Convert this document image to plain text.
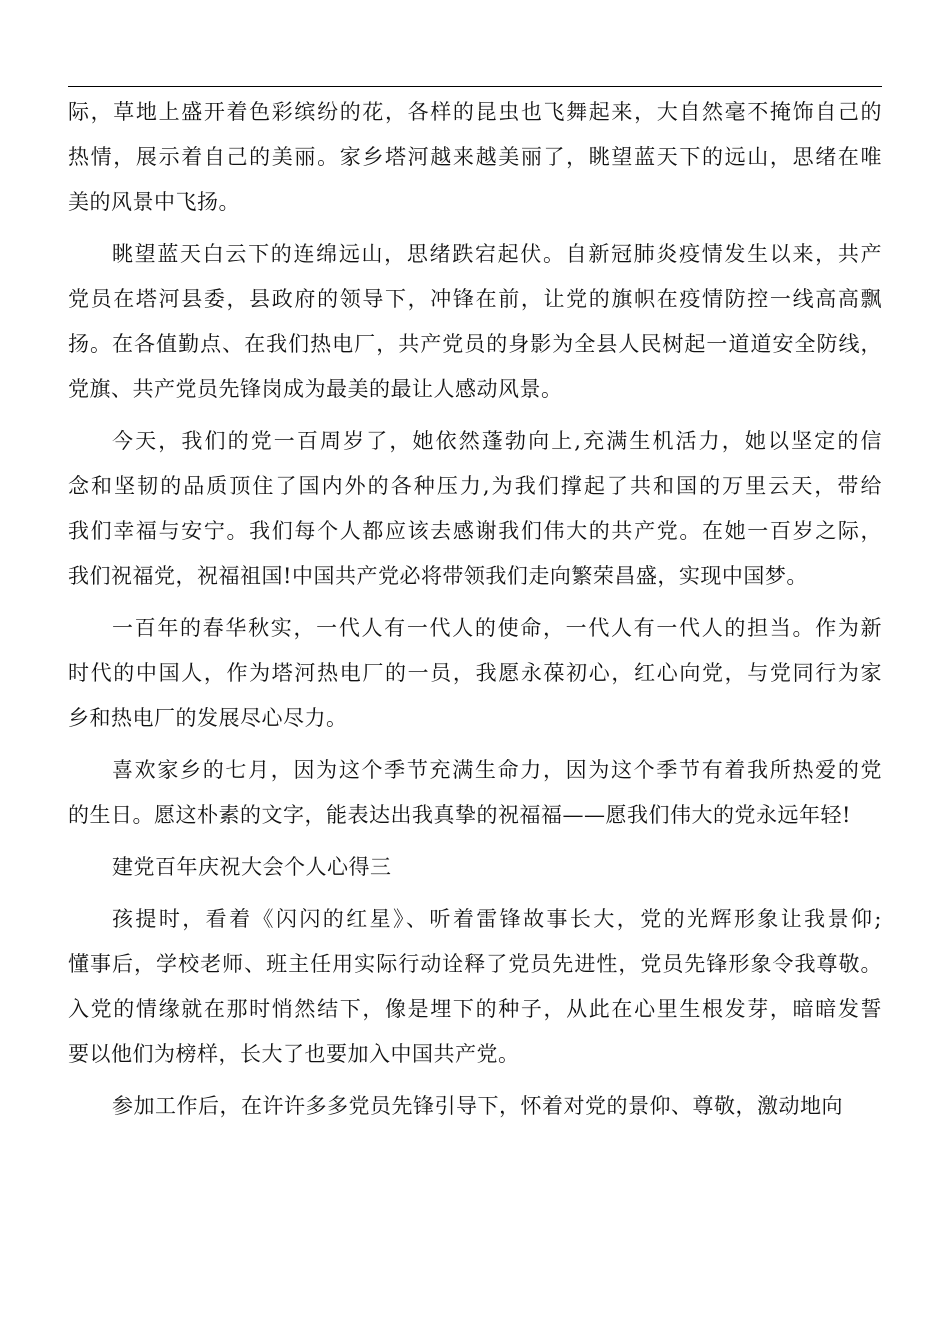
际，草地上盛开着色彩缤纷的花，各样的昆虫也飞舞起来，大自然毫不掩饰自己的
热情，展示着自己的美丽。家乡塔河越来越美丽了，眺望蓝天下的远山，思绪在唯
美的风景中飞扬。
眺望蓝天白云下的连绵远山，思绪跌宕起伏。自新冠肺炎疫情发生以来，共产
党员在塔河县委，县政府的领导下，冲锋在前，让党的旗帜在疫情防控一线高高飘
扬。在各值勤点、在我们热电厂，共产党员的身影为全县人民树起一道道安全防线，
党旗、共产党员先锋岗成为最美的最让人感动风景。
今天，我们的党一百周岁了，她依然蓬勃向上,充满生机活力，她以坚定的信
念和坚韧的品质顶住了国内外的各种压力,为我们撑起了共和国的万里云天，带给
我们幸福与安宁。我们每个人都应该去感谢我们伟大的共产党。在她一百岁之际，
我们祝福党，祝福祖国!中国共产党必将带领我们走向繁荣昌盛，实现中国梦。
一百年的春华秋实，一代人有一代人的使命，一代人有一代人的担当。作为新
时代的中国人，作为塔河热电厂的一员，我愿永葆初心，红心向党，与党同行为家
乡和热电厂的发展尽心尽力。
喜欢家乡的七月，因为这个季节充满生命力，因为这个季节有着我所热爱的党
的生日。愿这朴素的文字，能表达出我真挚的祝福福——愿我们伟大的党永远年轻!
建党百年庆祝大会个人心得三
孩提时，看着《闪闪的红星》、听着雷锋故事长大，党的光辉形象让我景仰;
懂事后，学校老师、班主任用实际行动诠释了党员先进性，党员先锋形象令我尊敬。
入党的情缘就在那时悄然结下，像是埋下的种子，从此在心里生根发芽，暗暗发誓
要以他们为榜样，长大了也要加入中国共产党。
参加工作后，在许许多多党员先锋引导下，怀着对党的景仰、尊敬，激动地向
